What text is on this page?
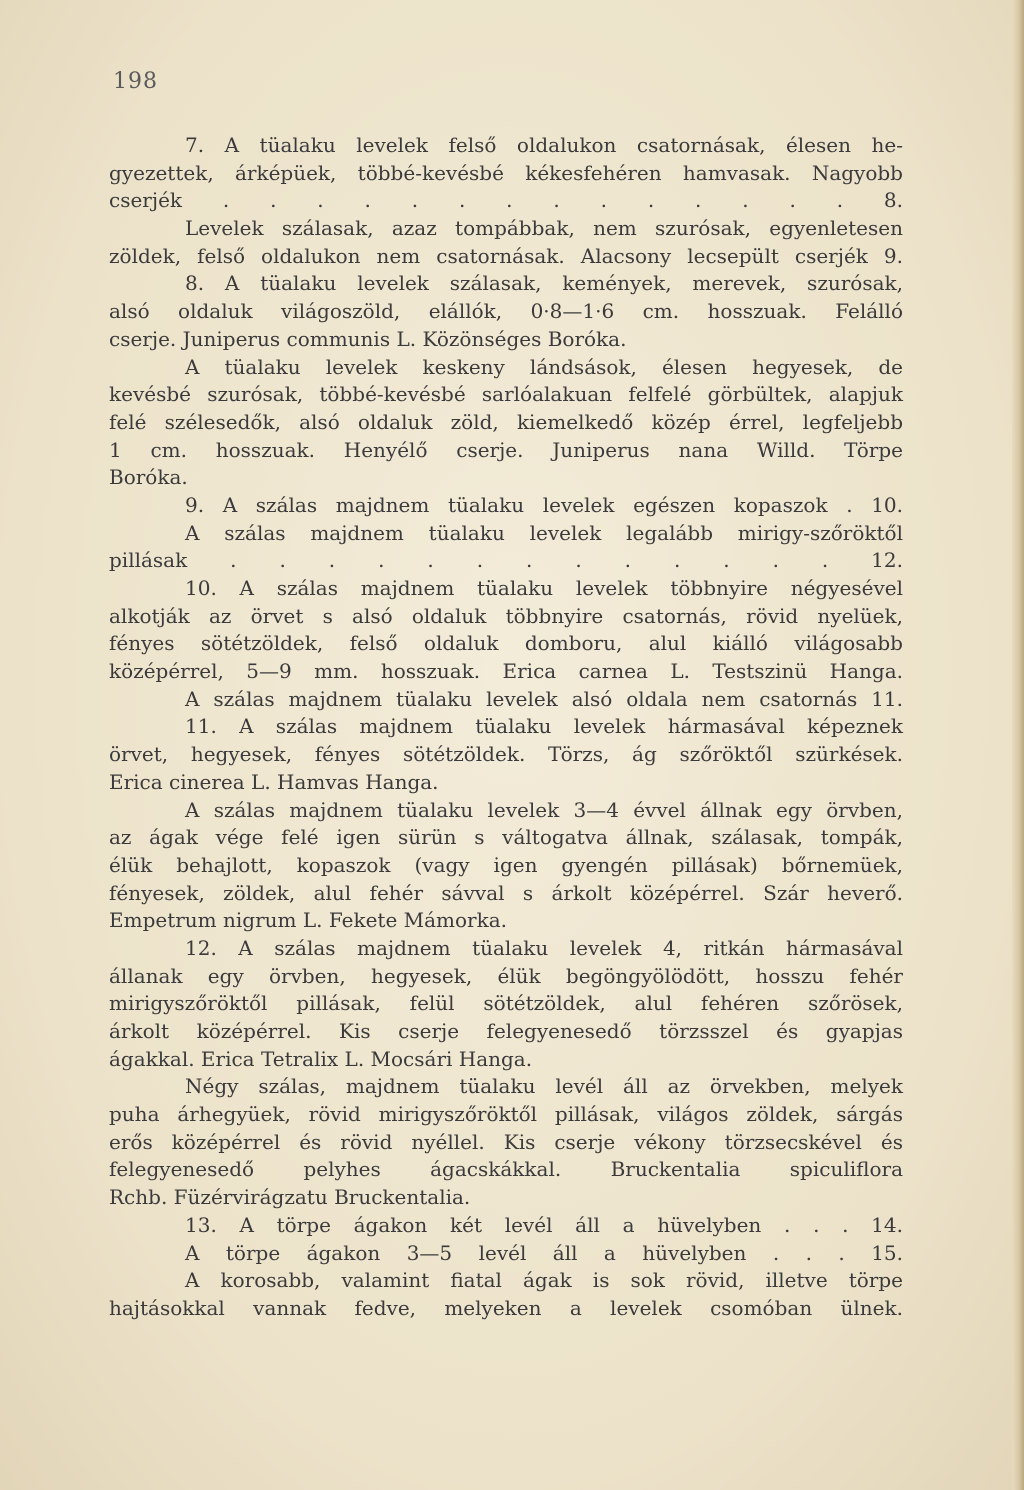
198
7. A tüalaku levelek felső oldalukon csatornásak, élesen he-
gyezettek, árképüek, többé-kevésbé kékesfehéren hamvasak. Nagyobb
cserjék . . . . . . . . . . . . . . 8.
Levelek szálasak, azaz tompábbak, nem szurósak, egyenletesen
zöldek, felső oldalukon nem csatornásak. Alacsony lecsepült cserjék 9.
8. A tüalaku levelek szálasak, kemények, merevek, szurósak,
alsó oldaluk világoszöld, elállók, 0·8—1·6 cm. hosszuak. Felálló
cserje. Juniperus communis L. Közönséges Boróka.
A tüalaku levelek keskeny lándsások, élesen hegyesek, de
kevésbé szurósak, többé-kevésbé sarlóalakuan felfelé görbültek, alapjuk
felé szélesedők, alsó oldaluk zöld, kiemelkedő közép érrel, legfeljebb
1 cm. hosszuak. Henyélő cserje. Juniperus nana Willd. Törpe
Boróka.
9. A szálas majdnem tüalaku levelek egészen kopaszok . 10.
A szálas majdnem tüalaku levelek legalább mirigy-szőröktől
pillásak . . . . . . . . . . . . . 12.
10. A szálas majdnem tüalaku levelek többnyire négyesével
alkotják az örvet s alsó oldaluk többnyire csatornás, rövid nyelüek,
fényes sötétzöldek, felső oldaluk domboru, alul kiálló világosabb
középérrel, 5—9 mm. hosszuak. Erica carnea L. Testszinü Hanga.
A szálas majdnem tüalaku levelek alsó oldala nem csatornás 11.
11. A szálas majdnem tüalaku levelek hármasával képeznek
örvet, hegyesek, fényes sötétzöldek. Törzs, ág szőröktől szürkések.
Erica cinerea L. Hamvas Hanga.
A szálas majdnem tüalaku levelek 3—4 évvel állnak egy örvben,
az ágak vége felé igen sürün s váltogatva állnak, szálasak, tompák,
élük behajlott, kopaszok (vagy igen gyengén pillásak) bőrnemüek,
fényesek, zöldek, alul fehér sávval s árkolt középérrel. Szár heverő.
Empetrum nigrum L. Fekete Mámorka.
12. A szálas majdnem tüalaku levelek 4, ritkán hármasával
állanak egy örvben, hegyesek, élük begöngyölödött, hosszu fehér
mirigyszőröktől pillásak, felül sötétzöldek, alul fehéren szőrösek,
árkolt középérrel. Kis cserje felegyenesedő törzsszel és gyapjas
ágakkal. Erica Tetralix L. Mocsári Hanga.
Négy szálas, majdnem tüalaku levél áll az örvekben, melyek
puha árhegyüek, rövid mirigyszőröktől pillásak, világos zöldek, sárgás
erős középérrel és rövid nyéllel. Kis cserje vékony törzsecskével és
felegyenesedő pelyhes ágacskákkal. Bruckentalia spiculiflora
Rchb. Füzérvirágzatu Bruckentalia.
13. A törpe ágakon két levél áll a hüvelyben . . . 14.
A törpe ágakon 3—5 levél áll a hüvelyben . . . 15.
A korosabb, valamint fiatal ágak is sok rövid, illetve törpe
hajtásokkal vannak fedve, melyeken a levelek csomóban ülnek.
